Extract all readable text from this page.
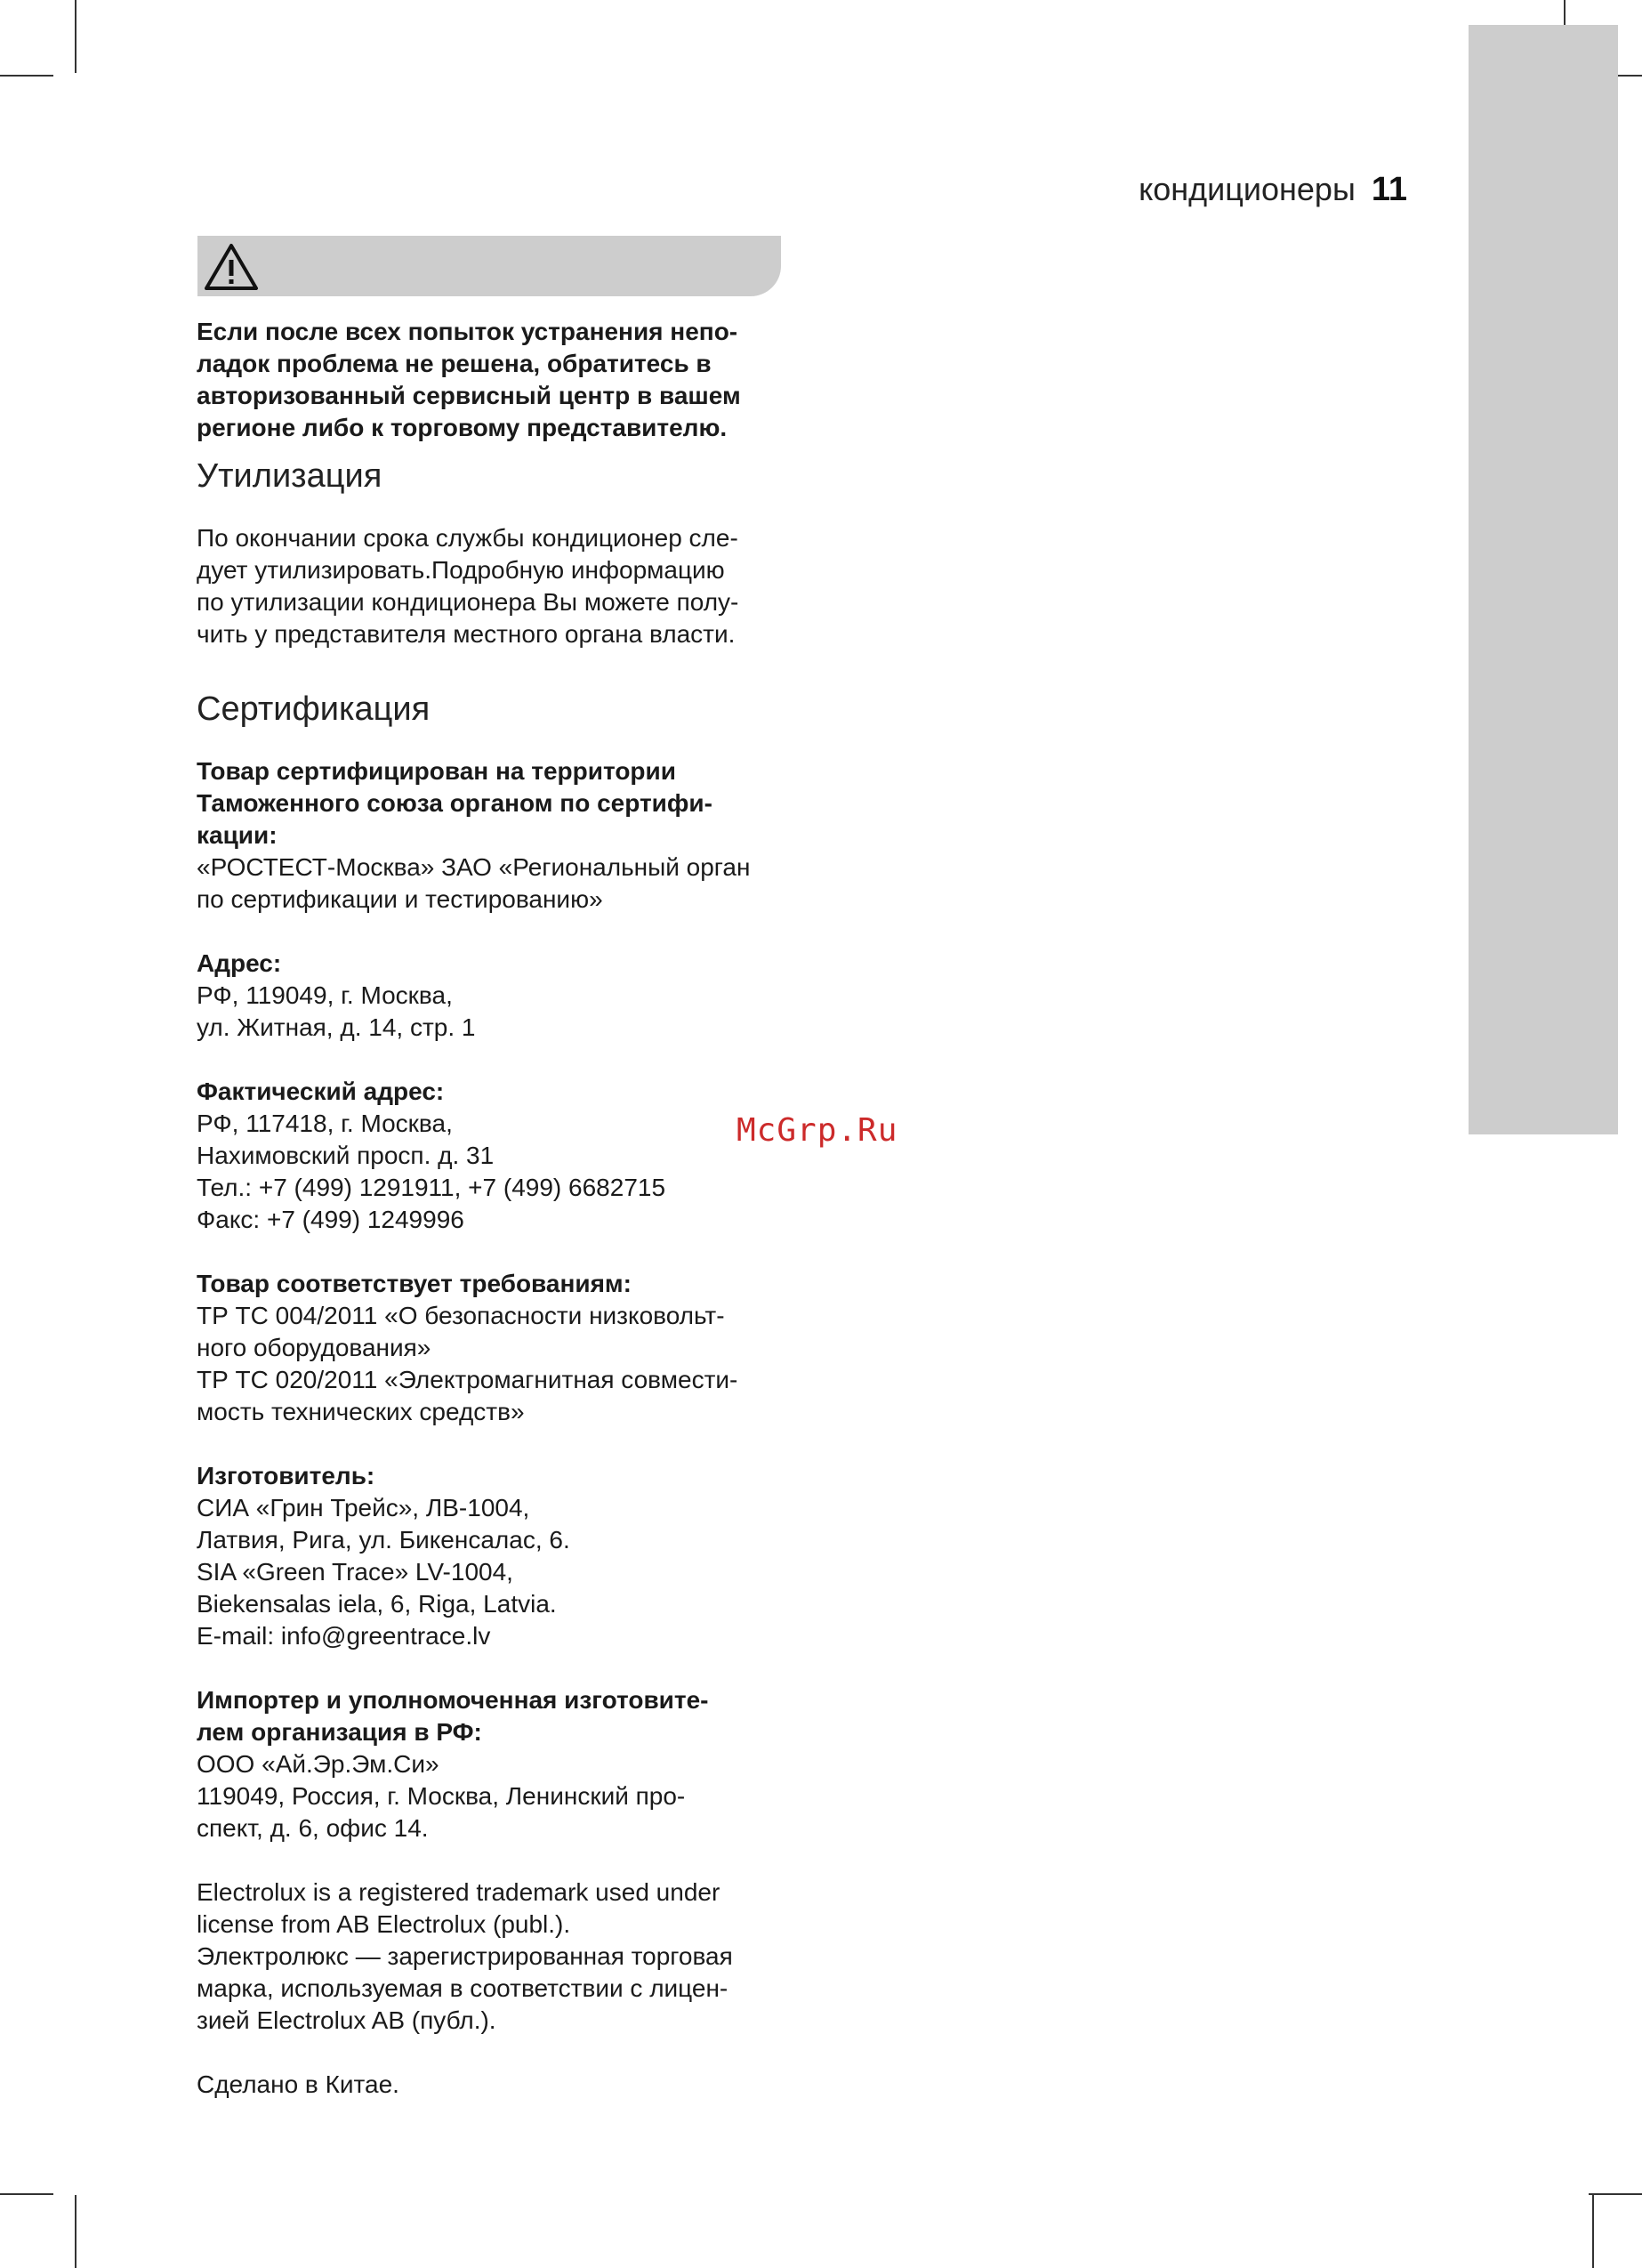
кондиционеры 11

Если после всех попыток устранения непо-
ладок проблема не решена, обратитесь в
авторизованный сервисный центр в вашем
регионе либо к торговому представителю.

Утилизация

По окончании срока службы кондиционер сле-
дует утилизировать.Подробную информацию
по утилизации кондиционера Вы можете полу-
чить у представителя местного органа власти.

Сертификация

Товар сертифицирован на территории
Таможенного союза органом по сертифи-
кации:

«РОСТЕСТ-Москва» ЗАО «Региональный орган
по сертификации и тестированию»

Адрес:

РФ, 119049, г. Москва,
ул. Житная, д. 14, стр. 1

Фактический адрес:

РФ, 117418, г. Москва,
Нахимовский просп. д. 31
Тел.: +7 (499) 1291911, +7 (499) 6682715
Факс: +7 (499) 1249996

Товар соответствует требованиям:

ТР ТС 004/2011 «О безопасности низковольт-
ного оборудования»
ТР ТС 020/2011 «Электромагнитная совмести-
мость технических средств»

Изготовитель:

СИА «Грин Трейс», ЛВ-1004,
Латвия, Рига, ул. Бикенсалас, 6.
SIA «Green Trace» LV-1004,
Biekensalas iela, 6, Riga, Latvia.
E-mail: info@greentrace.lv

Импортер и уполномоченная изготовите-
лем организация в РФ:

ООО «Ай.Эр.Эм.Си»
119049, Россия, г. Москва, Ленинский про-
спект, д. 6, офис 14.

Electrolux is a registered trademark used under
license from AB Electrolux (publ.).
Электролюкс — зарегистрированная торговая
марка, используемая в соответствии с лицен-
зией Electrolux AB (публ.).

Сделано в Китае.

McGrp.Ru
